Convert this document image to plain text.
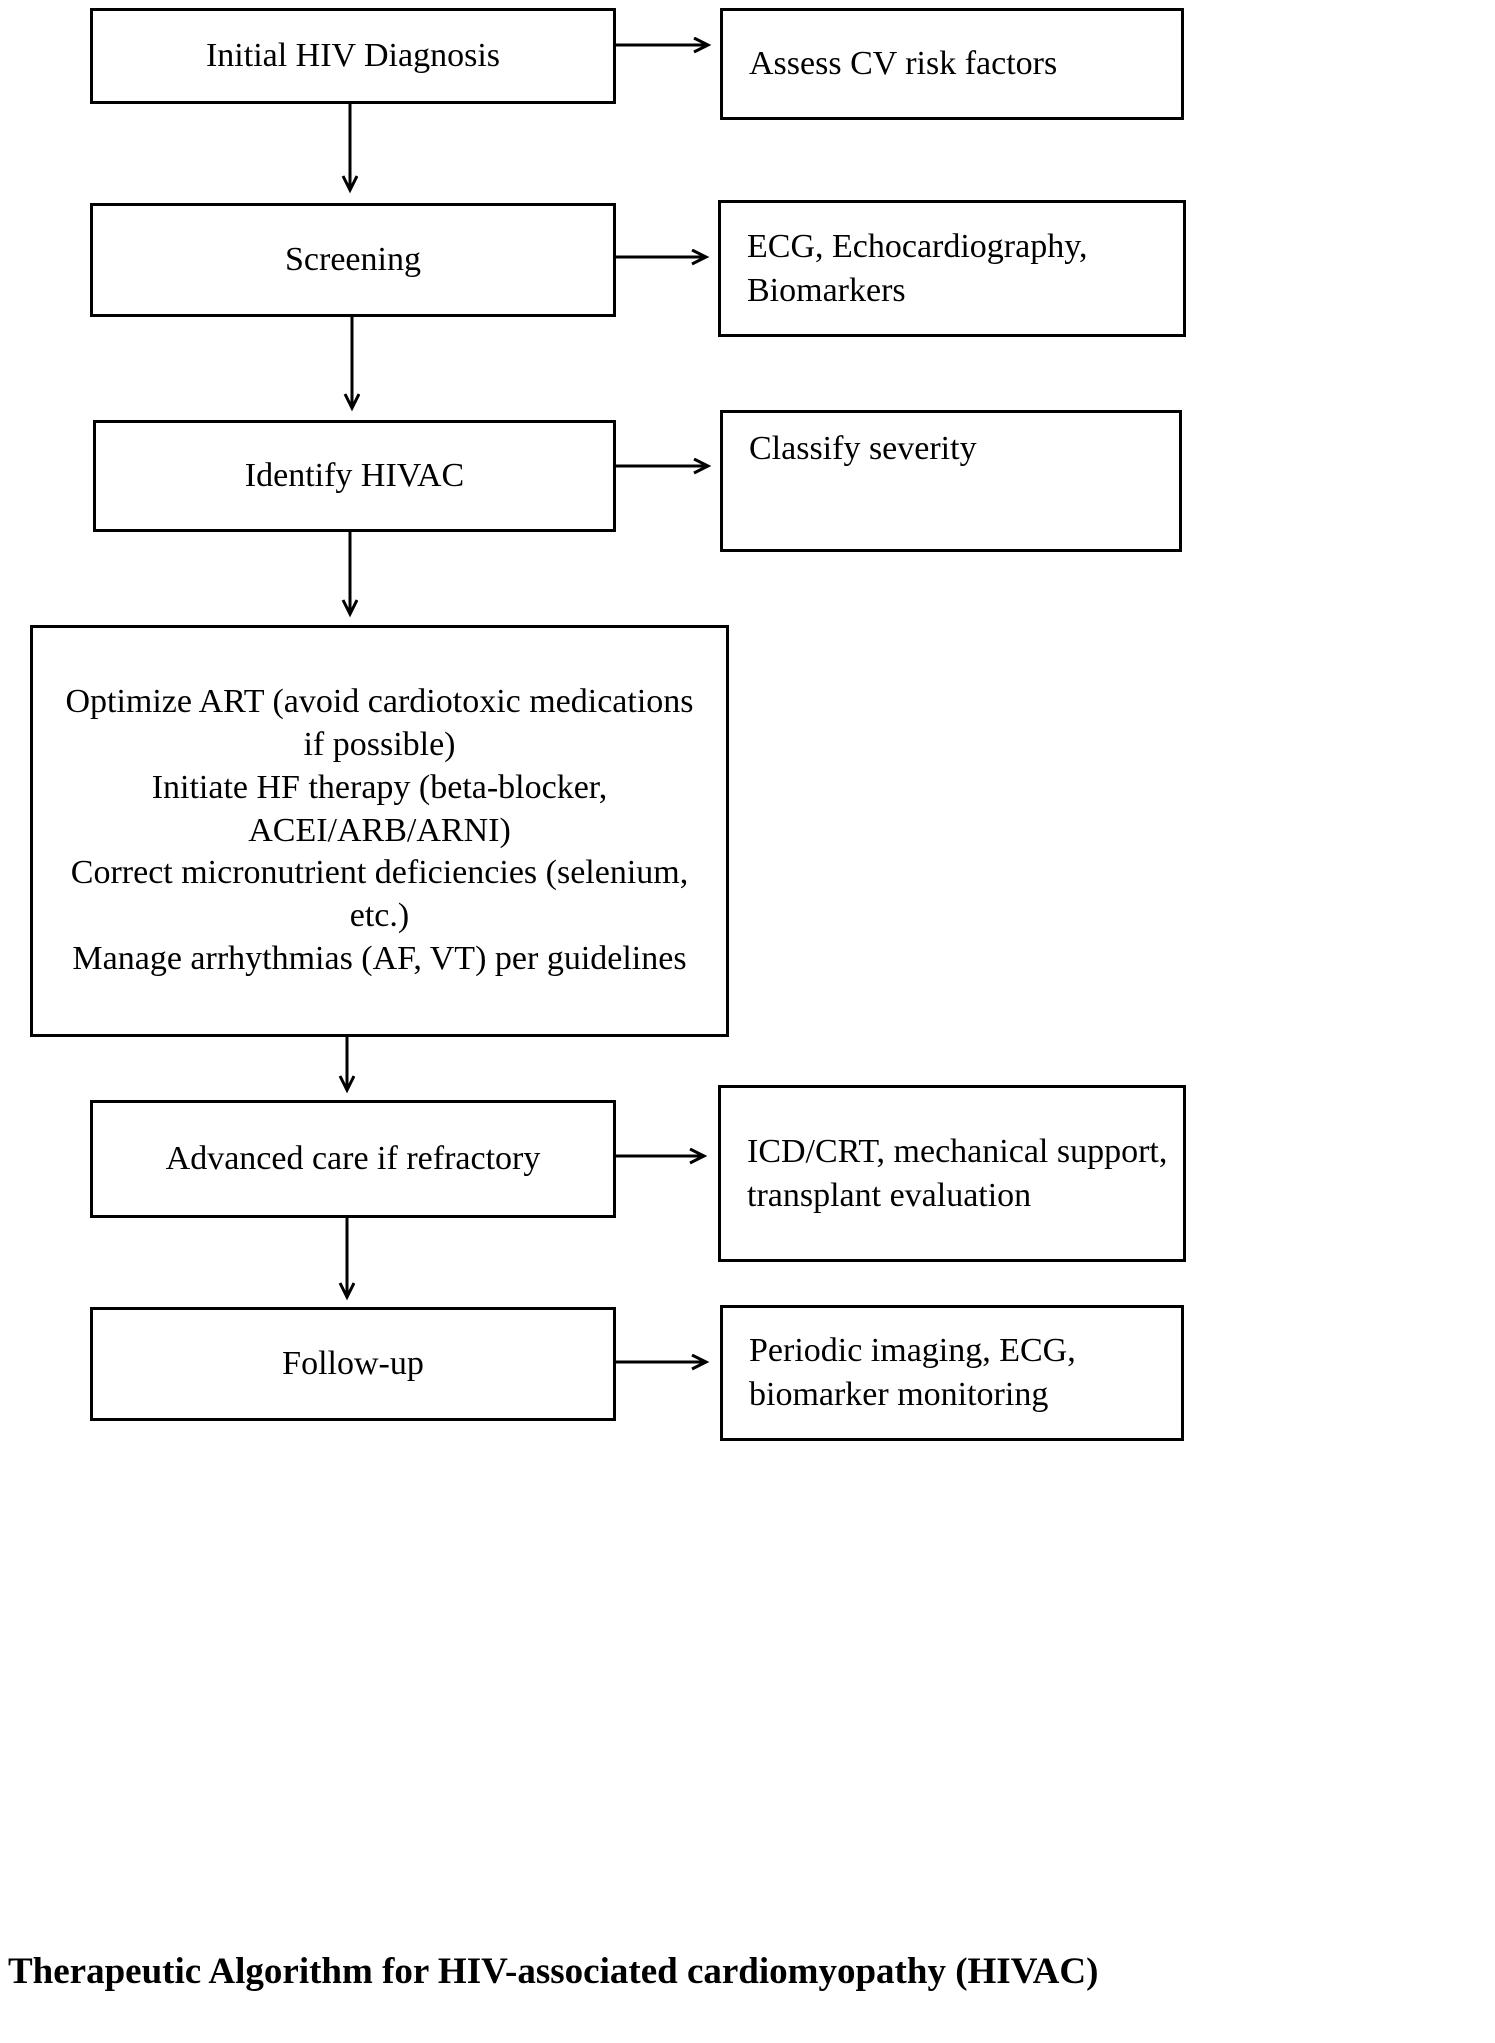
Initial HIV Diagnosis	Assess CV risk factors
Screening	ECG, Echocardiography, Biomarkers
Identify HIVAC
Classify severity
Optimize ART (avoid cardiotoxic medications if possible)
Initiate HF therapy (beta-blocker, ACEI/ARB/ARNI)
Correct micronutrient deficiencies (selenium, etc.)
Manage arrhythmias (AF, VT) per guidelines
Advanced care if refractory	ICD/CRT, mechanical support, transplant evaluation
Follow-up	Periodic imaging, ECG, biomarker monitoring
Therapeutic Algorithm for HIV-associated cardiomyopathy (HIVAC)
